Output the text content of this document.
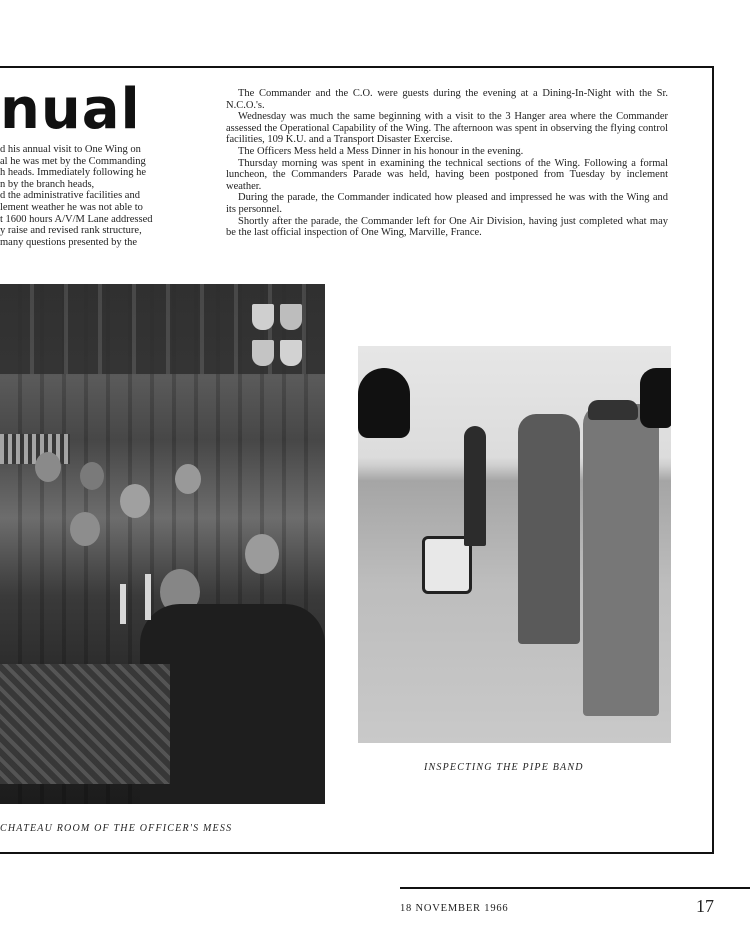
nual

d his annual visit to One Wing on

al he was met by the Commanding

h heads. Immediately following he

n by the branch heads,

d the administrative facilities and

lement weather he was not able to

t 1600 hours A/V/M Lane addressed

y raise and revised rank structure,

many questions presented by the

The Commander and the C.O. were guests during the evening at a Dining-In-Night with the Sr. N.C.O.'s.

Wednesday was much the same beginning with a visit to the 3 Hanger area where the Commander assessed the Operational Capability of the Wing. The afternoon was spent in observing the flying control facilities, 109 K.U. and a Transport Disaster Exercise.

The Officers Mess held a Mess Dinner in his honour in the evening.

Thursday morning was spent in examining the technical sections of the Wing. Following a formal luncheon, the Commanders Parade was held, having been postponed from Tuesday by inclement weather.

During the parade, the Commander indicated how pleased and impressed he was with the Wing and its personnel.

Shortly after the parade, the Commander left for One Air Division, having just completed what may be the last official inspection of One Wing, Marville, France.

CHATEAU ROOM OF THE OFFICER'S MESS
INSPECTING THE PIPE BAND
18 NOVEMBER 1966	17
